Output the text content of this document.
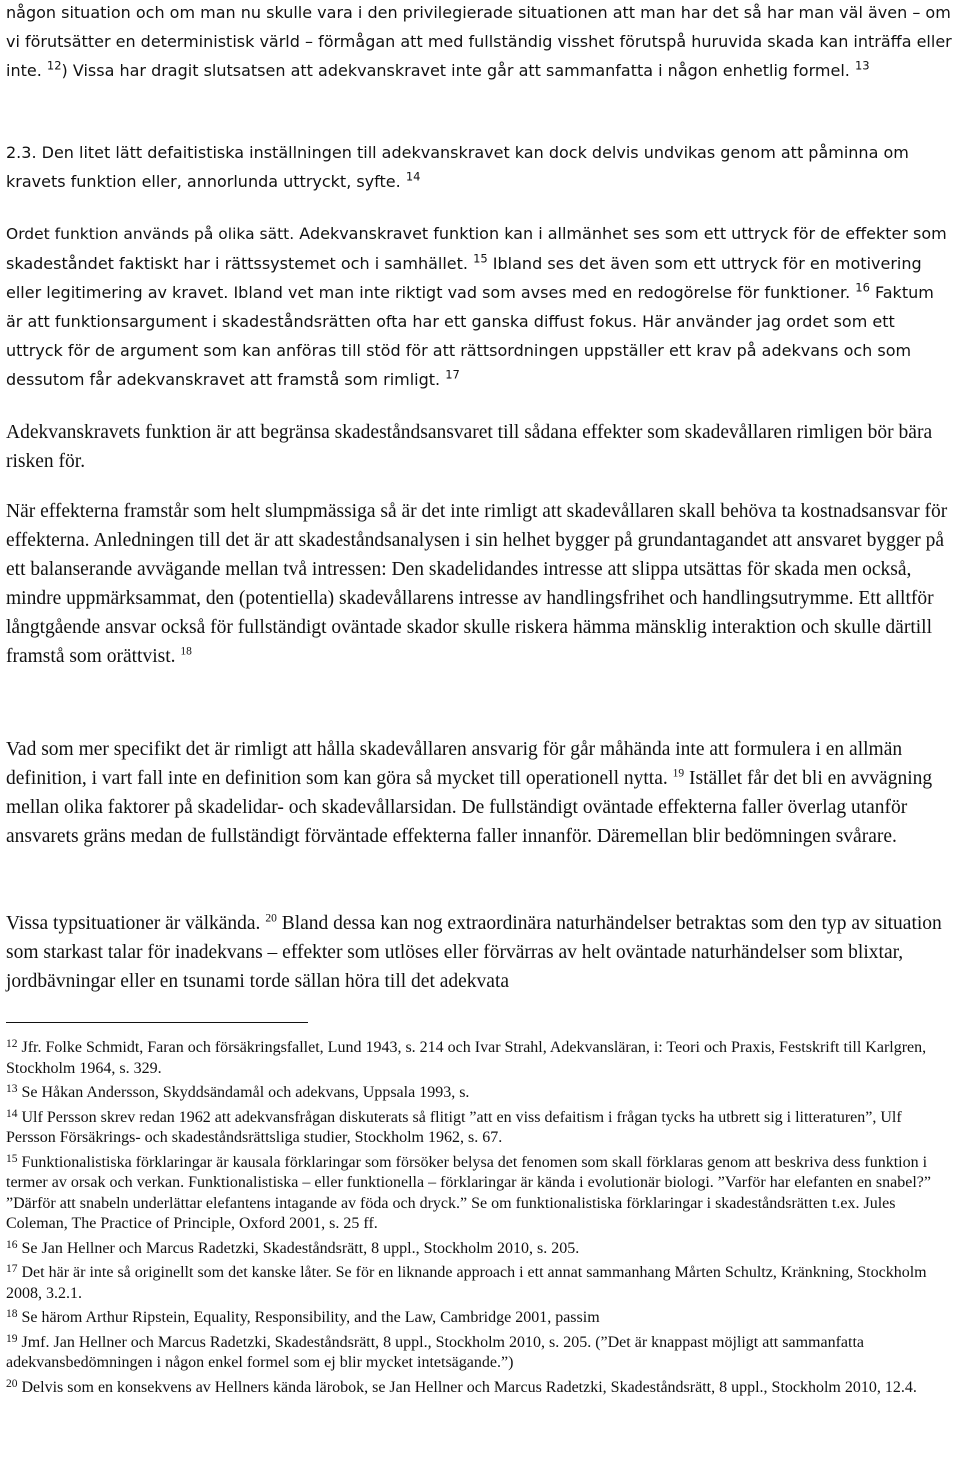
någon situation och om man nu skulle vara i den privilegierade situationen att man har det så har man väl även – om vi förutsätter en deterministisk värld – förmågan att med fullständig visshet förutspå huruvida skada kan inträffa eller inte. $^{12}$) Vissa har dragit slutsatsen att adekvanskravet inte går att sammanfatta i någon enhetlig formel. $^{13}$

2.3. Den litet lätt defaitistiska inställningen till adekvanskravet kan dock delvis undvikas genom att påminna om kravets funktion eller, annorlunda uttryckt, syfte. $^{14}$

Ordet funktion används på olika sätt. Adekvanskravet funktion kan i allmänhet ses som ett uttryck för de effekter som skadeståndet faktiskt har i rättssystemet och i samhället. $^{15}$ Ibland ses det även som ett uttryck för en motivering eller legitimering av kravet. Ibland vet man inte riktigt vad som avses med en redogörelse för funktioner. $^{16}$ Faktum är att funktionsargument i skadeståndsrätten ofta har ett ganska diffust fokus. Här använder jag ordet som ett uttryck för de argument som kan anföras till stöd för att rättsordningen uppställer ett krav på adekvans och som dessutom får adekvanskravet att framstå som rimligt. $^{17}$

Adekvanskravets funktion är att begränsa skadeståndsansvaret till sådana effekter som skadevållaren rimligen bör bära risken för.

När effekterna framstår som helt slumpmässiga så är det inte rimligt att skadevållaren skall behöva ta kostnadsansvar för effekterna. Anledningen till det är att skadeståndsanalysen i sin helhet bygger på grundantagandet att ansvaret bygger på ett balanserande avvägande mellan två intressen: Den skadelidandes intresse att slippa utsättas för skada men också, mindre uppmärksammat, den (potentiella) skadevållarens intresse av handlingsfrihet och handlingsutrymme. Ett alltför långtgående ansvar också för fullständigt oväntade skador skulle riskera hämma mänsklig interaktion och skulle därtill framstå som orättvist. $^{18}$

Vad som mer specifikt det är rimligt att hålla skadevållaren ansvarig för går måhända inte att formulera i en allmän definition, i vart fall inte en definition som kan göra så mycket till operationell nytta. $^{19}$ Istället får det bli en avvägning mellan olika faktorer på skadelidar- och skadevållarsidan. De fullständigt oväntade effekterna faller överlag utanför ansvarets gräns medan de fullständigt förväntade effekterna faller innanför. Däremellan blir bedömningen svårare.

Vissa typsituationer är välkända. $^{20}$ Bland dessa kan nog extraordinära naturhändelser betraktas som den typ av situation som starkast talar för inadekvans – effekter som utlöses eller förvärras av helt oväntade naturhändelser som blixtar, jordbävningar eller en tsunami torde sällan höra till det adekvata

$^{12}$ Jfr. Folke Schmidt, Faran och försäkringsfallet, Lund 1943, s. 214 och Ivar Strahl, Adekvansläran, i: Teori och Praxis, Festskrift till Karlgren, Stockholm 1964, s. 329.
$^{13}$ Se Håkan Andersson, Skyddsändamål och adekvans, Uppsala 1993, s.
$^{14}$ Ulf Persson skrev redan 1962 att adekvansfrågan diskuterats så flitigt ”att en viss defaitism i frågan tycks ha utbrett sig i litteraturen”, Ulf Persson Försäkrings- och skadeståndsrättsliga studier, Stockholm 1962, s. 67.
$^{15}$ Funktionalistiska förklaringar är kausala förklaringar som försöker belysa det fenomen som skall förklaras genom att beskriva dess funktion i termer av orsak och verkan. Funktionalistiska – eller funktionella – förklaringar är kända i evolutionär biologi. ”Varför har elefanten en snabel?” ”Därför att snabeln underlättar elefantens intagande av föda och dryck.” Se om funktionalistiska förklaringar i skadeståndsrätten t.ex. Jules Coleman, The Practice of Principle, Oxford 2001, s. 25 ff.
$^{16}$ Se Jan Hellner och Marcus Radetzki, Skadeståndsrätt, 8 uppl., Stockholm 2010, s. 205.
$^{17}$ Det här är inte så originellt som det kanske låter. Se för en liknande approach i ett annat sammanhang Mårten Schultz, Kränkning, Stockholm 2008, 3.2.1.
$^{18}$ Se härom Arthur Ripstein, Equality, Responsibility, and the Law, Cambridge 2001, passim
$^{19}$ Jmf. Jan Hellner och Marcus Radetzki, Skadeståndsrätt, 8 uppl., Stockholm 2010, s. 205. (”Det är knappast möjligt att sammanfatta adekvansbedömningen i någon enkel formel som ej blir mycket intetsägande.”)
$^{20}$ Delvis som en konsekvens av Hellners kända lärobok, se Jan Hellner och Marcus Radetzki, Skadeståndsrätt, 8 uppl., Stockholm 2010, 12.4.
